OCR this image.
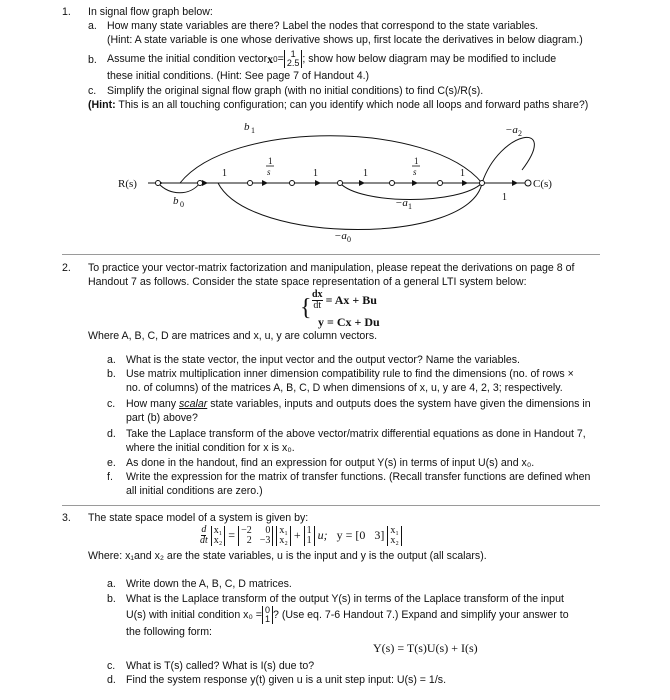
1. In signal flow graph below:
a. How many state variables are there? Label the nodes that correspond to the state variables.
(Hint: A state variable is one whose derivative shows up, first locate the derivatives in below diagram.)
b. Assume the initial condition vector x 0 = 1
2.5 ; show how below diagram may be modified to include
these initial conditions. (Hint: See page 7 of Handout 4.)
c. Simplify the original signal flow graph (with no initial conditions) to find C(s)/R(s).
(Hint: This is an all touching configuration; can you identify which node all loops and forward paths share?)
R(s)	C(s)
b 1
b 0
−a 2
−a 1
−a 0
1	1	1	1
1
1
s
1
s
2. To practice your vector-matrix factorization and manipulation, please repeat the derivations on page 8 of
Handout 7 as follows. Consider the state space representation of a general LTI system below:
{ $\frac{dx}{dt} = Ax + Bu$
y = Cx + Du
Where A, B, C, D are matrices and x, u, y are column vectors.
a. What is the state vector, the input vector and the output vector? Name the variables.
b. Use matrix multiplication inner dimension compatibility rule to find the dimensions (no. of rows ×
no. of columns) of the matrices A, B, C, D when dimensions of x, u, y are 4, 2, 3; respectively.
c. How many scalar state variables, inputs and outputs does the system have given the dimensions in
part (b) above?
d. Take the Laplace transform of the above vector/matrix differential equations as done in Handout 7,
where the initial condition for x is x₀.
e. As done in the handout, find an expression for output Y(s) in terms of input U(s) and x₀.
f. Write the expression for the matrix of transfer functions. (Recall transfer functions are defined when
all initial conditions are zero.)
3. The state space model of a system is given by:
d
dt
x₁
x₂ = −2	0
2 −3
x₁
x₂ + 1
1 u; y = [0   3] x₁
x₂
Where: x₁and x₂ are the state variables, u is the input and y is the output (all scalars).
a. Write down the A, B, C, D matrices.
b. What is the Laplace transform of the output Y(s) in terms of the Laplace transform of the input
U(s) with initial condition x₀ = 0
1 ? (Use eq. 7-6 Handout 7.) Expand and simplify your answer to
the following form:
Y(s) = T(s)U(s) + I(s)
c. What is T(s) called? What is I(s) due to?
d. Find the system response y(t) given u is a unit step input: U(s) = 1/s.
